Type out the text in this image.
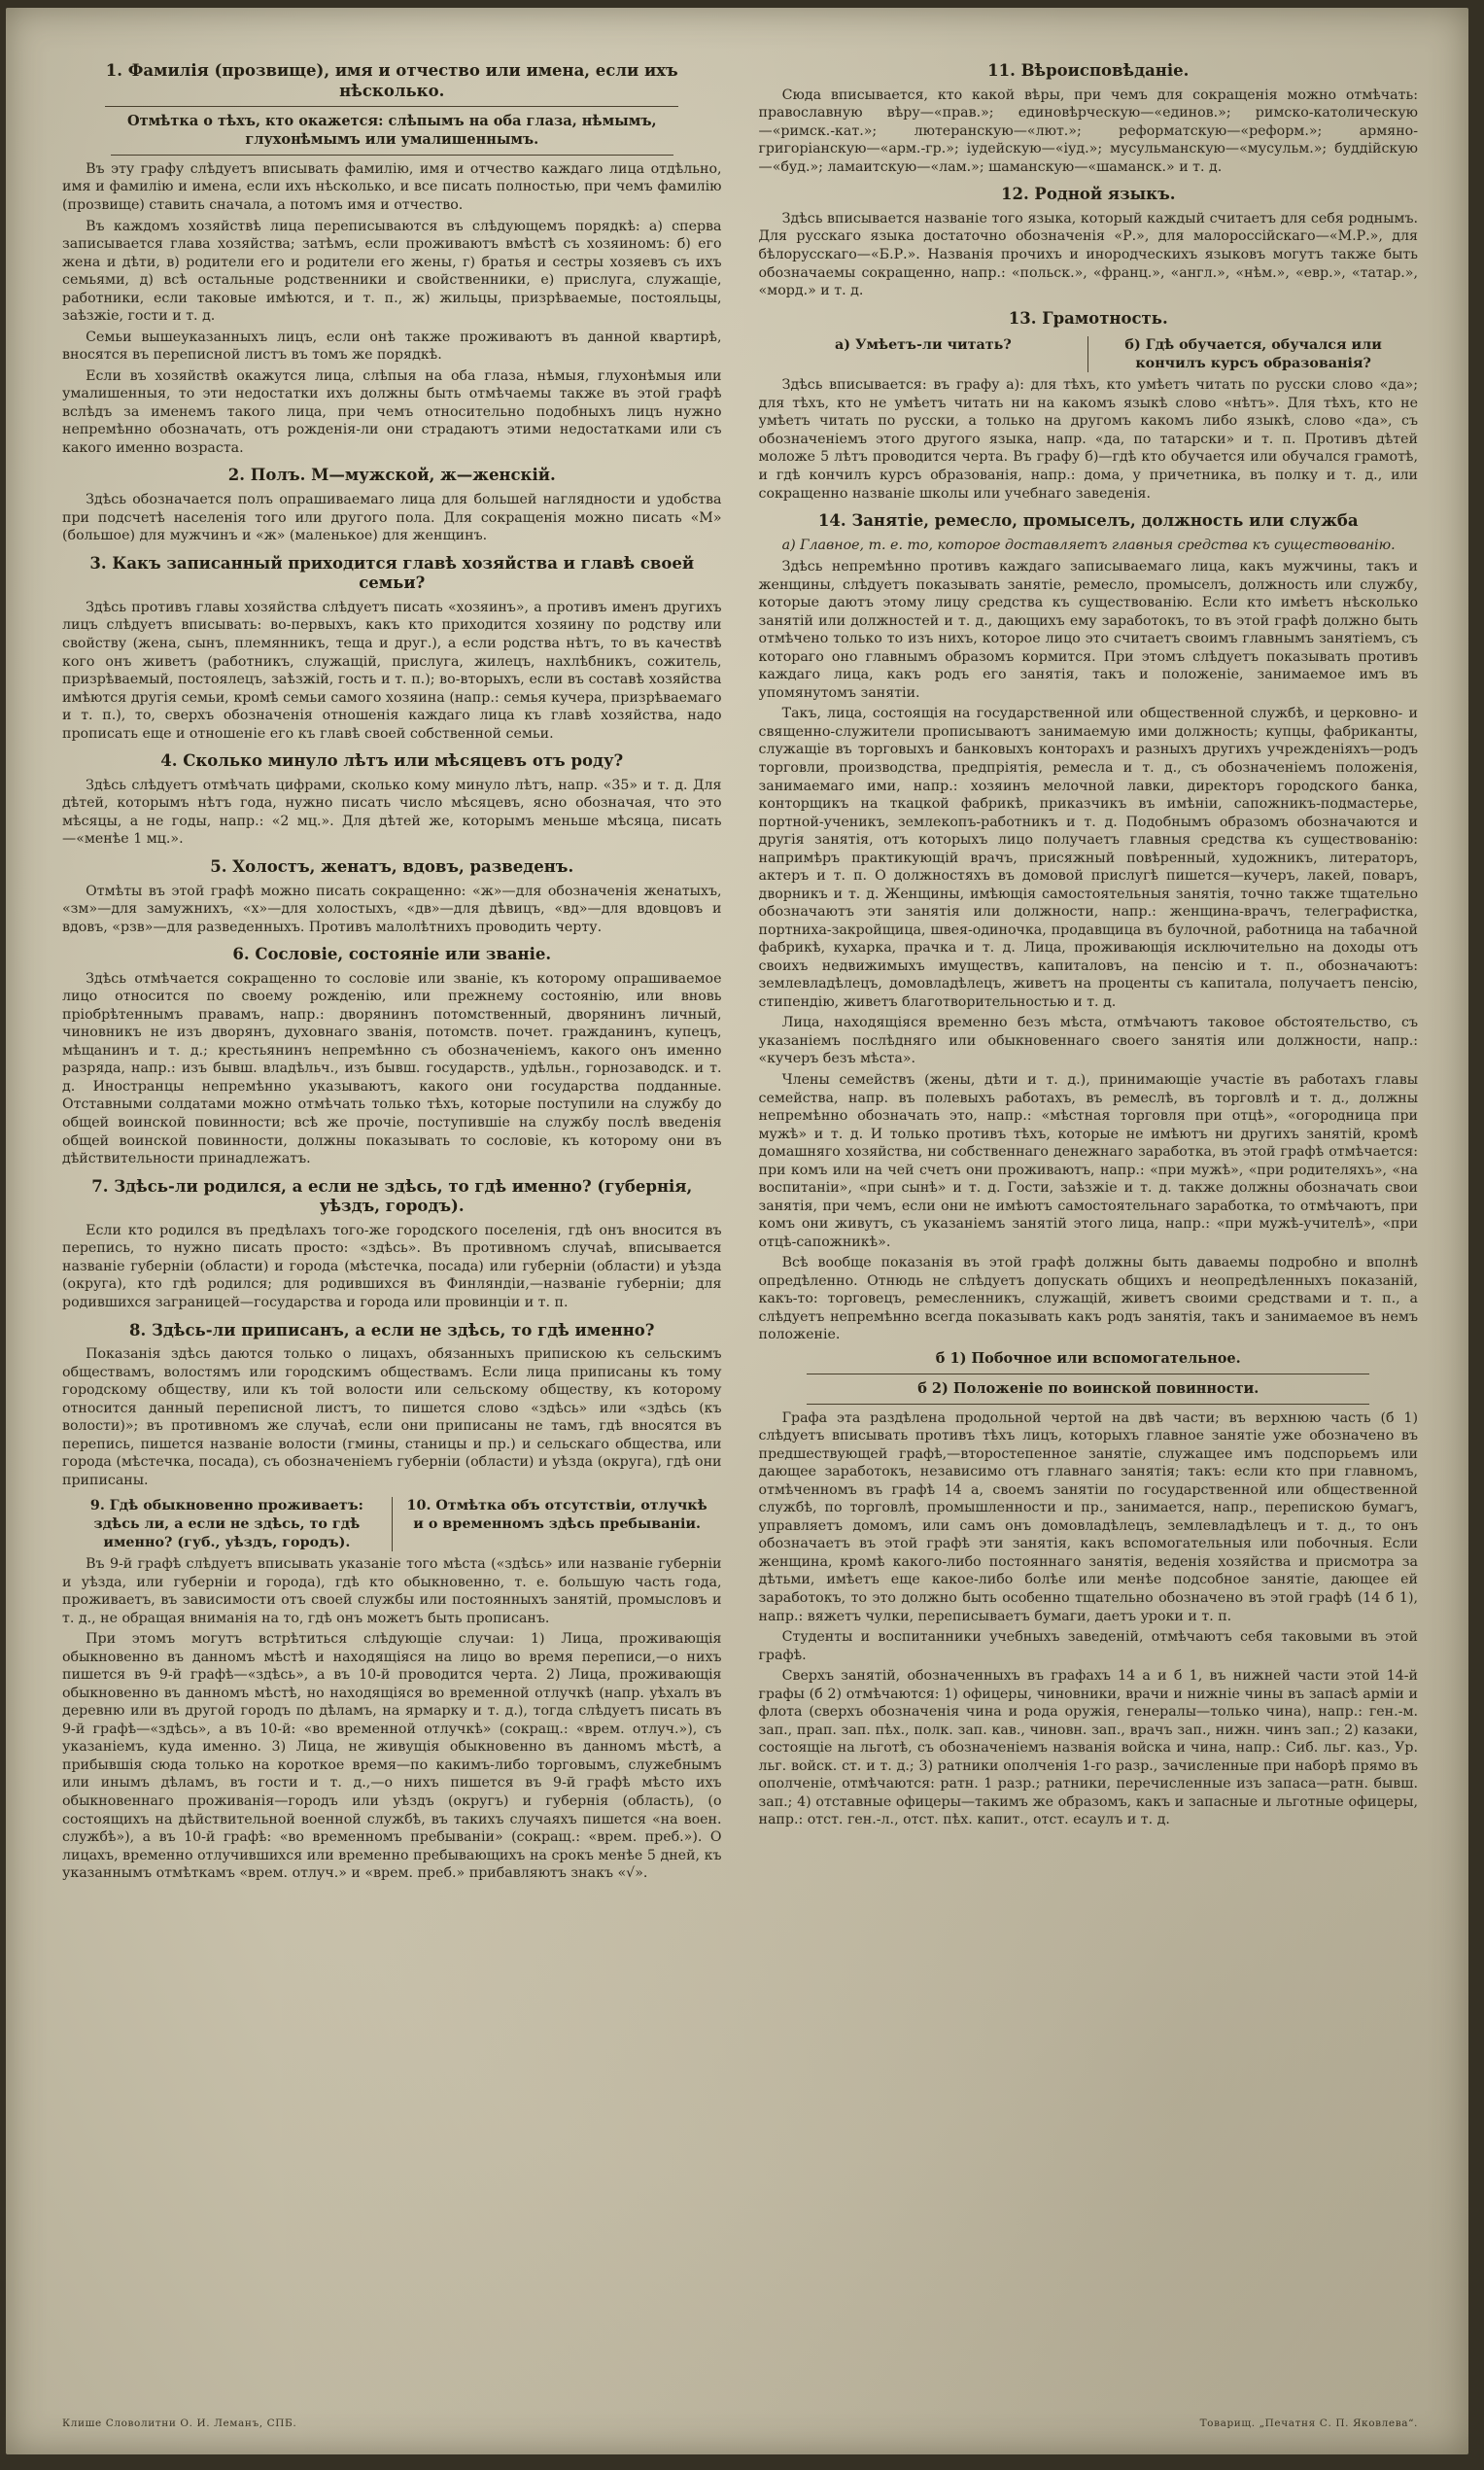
1. Фамилія (прозвище), имя и отчество или имена, если ихъ нѣсколько.
Отмѣтка о тѣхъ, кто окажется: слѣпымъ на оба глаза, нѣмымъ, глухонѣмымъ или умалишеннымъ.

Въ эту графу слѣдуетъ вписывать фамилію, имя и отчество каждаго лица отдѣльно, имя и фамилію и имена, если ихъ нѣсколько, и все писать полностью, при чемъ фамилію (прозвище) ставить сначала, а потомъ имя и отчество.

Въ каждомъ хозяйствѣ лица переписываются въ слѣдующемъ порядкѣ: а) сперва записывается глава хозяйства; затѣмъ, если проживаютъ вмѣстѣ съ хозяиномъ: б) его жена и дѣти, в) родители его и родители его жены, г) братья и сестры хозяевъ съ ихъ семьями, д) всѣ остальные родственники и свойственники, е) прислуга, служащіе, работники, если таковые имѣются, и т. п., ж) жильцы, призрѣваемые, постояльцы, заѣзжіе, гости и т. д.

Семьи вышеуказанныхъ лицъ, если онѣ также проживаютъ въ данной квартирѣ, вносятся въ переписной листъ въ томъ же порядкѣ.

Если въ хозяйствѣ окажутся лица, слѣпыя на оба глаза, нѣмыя, глухонѣмыя или умалишенныя, то эти недостатки ихъ должны быть отмѣчаемы также въ этой графѣ вслѣдъ за именемъ такого лица, при чемъ относительно подобныхъ лицъ нужно непремѣнно обозначать, отъ рожденія-ли они страдаютъ этими недостатками или съ какого именно возраста.

2. Полъ. М—мужской, ж—женскій.

Здѣсь обозначается полъ опрашиваемаго лица для большей наглядности и удобства при подсчетѣ населенія того или другого пола. Для сокращенія можно писать «М» (большое) для мужчинъ и «ж» (маленькое) для женщинъ.

3. Какъ записанный приходится главѣ хозяйства и главѣ своей семьи?

Здѣсь противъ главы хозяйства слѣдуетъ писать «хозяинъ», а противъ именъ другихъ лицъ слѣдуетъ вписывать: во-первыхъ, какъ кто приходится хозяину по родству или свойству (жена, сынъ, племянникъ, теща и друг.), а если родства нѣтъ, то въ качествѣ кого онъ живетъ (работникъ, служащій, прислуга, жилецъ, нахлѣбникъ, сожитель, призрѣваемый, постоялецъ, заѣзжій, гость и т. п.); во-вторыхъ, если въ составѣ хозяйства имѣются другія семьи, кромѣ семьи самого хозяина (напр.: семья кучера, призрѣваемаго и т. п.), то, сверхъ обозначенія отношенія каждаго лица къ главѣ хозяйства, надо прописать еще и отношеніе его къ главѣ своей собственной семьи.

4. Сколько минуло лѣтъ или мѣсяцевъ отъ роду?

Здѣсь слѣдуетъ отмѣчать цифрами, сколько кому минуло лѣтъ, напр. «35» и т. д. Для дѣтей, которымъ нѣтъ года, нужно писать число мѣсяцевъ, ясно обозначая, что это мѣсяцы, а не годы, напр.: «2 мц.». Для дѣтей же, которымъ меньше мѣсяца, писать—«менѣе 1 мц.».

5. Холостъ, женатъ, вдовъ, разведенъ.

Отмѣты въ этой графѣ можно писать сокращенно: «ж»—для обозначенія женатыхъ, «зм»—для замужнихъ, «х»—для холостыхъ, «дв»—для дѣвицъ, «вд»—для вдовцовъ и вдовъ, «рзв»—для разведенныхъ. Противъ малолѣтнихъ проводить черту.

6. Сословіе, состояніе или званіе.

Здѣсь отмѣчается сокращенно то сословіе или званіе, къ которому опрашиваемое лицо относится по своему рожденію, или прежнему состоянію, или вновь пріобрѣтеннымъ правамъ, напр.: дворянинъ потомственный, дворянинъ личный, чиновникъ не изъ дворянъ, духовнаго званія, потомств. почет. гражданинъ, купецъ, мѣщанинъ и т. д.; крестьянинъ непремѣнно съ обозначеніемъ, какого онъ именно разряда, напр.: изъ бывш. владѣльч., изъ бывш. государств., удѣльн., горнозаводск. и т. д. Иностранцы непремѣнно указываютъ, какого они государства подданные. Отставными солдатами можно отмѣчать только тѣхъ, которые поступили на службу до общей воинской повинности; всѣ же прочіе, поступившіе на службу послѣ введенія общей воинской повинности, должны показывать то сословіе, къ которому они въ дѣйствительности принадлежатъ.

7. Здѣсь-ли родился, а если не здѣсь, то гдѣ именно? (губернія, уѣздъ, городъ).

Если кто родился въ предѣлахъ того-же городского поселенія, гдѣ онъ вносится въ перепись, то нужно писать просто: «здѣсь». Въ противномъ случаѣ, вписывается названіе губерніи (области) и города (мѣстечка, посада) или губерніи (области) и уѣзда (округа), кто гдѣ родился; для родившихся въ Финляндіи,—названіе губерніи; для родившихся заграницей—государства и города или провинціи и т. п.

8. Здѣсь-ли приписанъ, а если не здѣсь, то гдѣ именно?

Показанія здѣсь даются только о лицахъ, обязанныхъ припискою къ сельскимъ обществамъ, волостямъ или городскимъ обществамъ. Если лица приписаны къ тому городскому обществу, или къ той волости или сельскому обществу, къ которому относится данный переписной листъ, то пишется слово «здѣсь» или «здѣсь (къ волости)»; въ противномъ же случаѣ, если они приписаны не тамъ, гдѣ вносятся въ перепись, пишется названіе волости (гмины, станицы и пр.) и сельскаго общества, или города (мѣстечка, посада), съ обозначеніемъ губерніи (области) и уѣзда (округа), гдѣ они приписаны.

9. Гдѣ обыкновенно проживаетъ: здѣсь ли, а если не здѣсь, то гдѣ именно? (губ., уѣздъ, городъ).
10. Отмѣтка объ отсутствіи, отлучкѣ и о временномъ здѣсь пребываніи.

Въ 9-й графѣ слѣдуетъ вписывать указаніе того мѣста («здѣсь» или названіе губерніи и уѣзда, или губерніи и города), гдѣ кто обыкновенно, т. е. большую часть года, проживаетъ, въ зависимости отъ своей службы или постоянныхъ занятій, промысловъ и т. д., не обращая вниманія на то, гдѣ онъ можетъ быть прописанъ.

При этомъ могутъ встрѣтиться слѣдующіе случаи: 1) Лица, проживающія обыкновенно въ данномъ мѣстѣ и находящіяся на лицо во время переписи,—о нихъ пишется въ 9-й графѣ—«здѣсь», а въ 10-й проводится черта. 2) Лица, проживающія обыкновенно въ данномъ мѣстѣ, но находящіяся во временной отлучкѣ (напр. уѣхалъ въ деревню или въ другой городъ по дѣламъ, на ярмарку и т. д.), тогда слѣдуетъ писать въ 9-й графѣ—«здѣсь», а въ 10-й: «во временной отлучкѣ» (сокращ.: «врем. отлуч.»), съ указаніемъ, куда именно. 3) Лица, не живущія обыкновенно въ данномъ мѣстѣ, а прибывшія сюда только на короткое время—по какимъ-либо торговымъ, служебнымъ или инымъ дѣламъ, въ гости и т. д.,—о нихъ пишется въ 9-й графѣ мѣсто ихъ обыкновеннаго проживанія—городъ или уѣздъ (округъ) и губернія (область), (о состоящихъ на дѣйствительной военной службѣ, въ такихъ случаяхъ пишется «на воен. службѣ»), а въ 10-й графѣ: «во временномъ пребываніи» (сокращ.: «врем. преб.»). О лицахъ, временно отлучившихся или временно пребывающихъ на срокъ менѣе 5 дней, къ указаннымъ отмѣткамъ «врем. отлуч.» и «врем. преб.» прибавляютъ знакъ «√».

11. Вѣроисповѣданіе.

Сюда вписывается, кто какой вѣры, при чемъ для сокращенія можно отмѣчать: православную вѣру—«прав.»; единовѣрческую—«единов.»; римско-католическую—«римск.-кат.»; лютеранскую—«лют.»; реформатскую—«реформ.»; армяно-григоріанскую—«арм.-гр.»; іудейскую—«іуд.»; мусульманскую—«мусульм.»; буддійскую—«буд.»; ламаитскую—«лам.»; шаманскую—«шаманск.» и т. д.

12. Родной языкъ.

Здѣсь вписывается названіе того языка, который каждый считаетъ для себя роднымъ. Для русскаго языка достаточно обозначенія «Р.», для малороссійскаго—«М.Р.», для бѣлорусскаго—«Б.Р.». Названія прочихъ и инородческихъ языковъ могутъ также быть обозначаемы сокращенно, напр.: «польск.», «франц.», «англ.», «нѣм.», «евр.», «татар.», «морд.» и т. д.

13. Грамотность.
а) Умѣетъ-ли читать?	б) Гдѣ обучается, обучался или кончилъ курсъ образованія?

Здѣсь вписывается: въ графу а): для тѣхъ, кто умѣетъ читать по русски слово «да»; для тѣхъ, кто не умѣетъ читать ни на какомъ языкѣ слово «нѣтъ». Для тѣхъ, кто не умѣетъ читать по русски, а только на другомъ какомъ либо языкѣ, слово «да», съ обозначеніемъ этого другого языка, напр. «да, по татарски» и т. п. Противъ дѣтей моложе 5 лѣтъ проводится черта. Въ графу б)—гдѣ кто обучается или обучался грамотѣ, и гдѣ кончилъ курсъ образованія, напр.: дома, у причетника, въ полку и т. д., или сокращенно названіе школы или учебнаго заведенія.

14. Занятіе, ремесло, промыселъ, должность или служба
а) Главное, т. е. то, которое доставляетъ главныя средства къ существованію.

Здѣсь непремѣнно противъ каждаго записываемаго лица, какъ мужчины, такъ и женщины, слѣдуетъ показывать занятіе, ремесло, промыселъ, должность или службу, которые даютъ этому лицу средства къ существованію. Если кто имѣетъ нѣсколько занятій или должностей и т. д., дающихъ ему заработокъ, то въ этой графѣ должно быть отмѣчено только то изъ нихъ, которое лицо это считаетъ своимъ главнымъ занятіемъ, съ котораго оно главнымъ образомъ кормится. При этомъ слѣдуетъ показывать противъ каждаго лица, какъ родъ его занятія, такъ и положеніе, занимаемое имъ въ упомянутомъ занятіи.

Такъ, лица, состоящія на государственной или общественной службѣ, и церковно- и священно-служители прописываютъ занимаемую ими должность; купцы, фабриканты, служащіе въ торговыхъ и банковыхъ конторахъ и разныхъ другихъ учрежденіяхъ—родъ торговли, производства, предпріятія, ремесла и т. д., съ обозначеніемъ положенія, занимаемаго ими, напр.: хозяинъ мелочной лавки, директоръ городского банка, конторщикъ на ткацкой фабрикѣ, приказчикъ въ имѣніи, сапожникъ-подмастерье, портной-ученикъ, землекопъ-работникъ и т. д. Подобнымъ образомъ обозначаются и другія занятія, отъ которыхъ лицо получаетъ главныя средства къ существованію: напримѣръ практикующій врачъ, присяжный повѣренный, художникъ, литераторъ, актеръ и т. п. О должностяхъ въ домовой прислугѣ пишется—кучеръ, лакей, поваръ, дворникъ и т. д. Женщины, имѣющія самостоятельныя занятія, точно также тщательно обозначаютъ эти занятія или должности, напр.: женщина-врачъ, телеграфистка, портниха-закройщица, швея-одиночка, продавщица въ булочной, работница на табачной фабрикѣ, кухарка, прачка и т. д. Лица, проживающія исключительно на доходы отъ своихъ недвижимыхъ имуществъ, капиталовъ, на пенсію и т. п., обозначаютъ: землевладѣлецъ, домовладѣлецъ, живетъ на проценты съ капитала, получаетъ пенсію, стипендію, живетъ благотворительностью и т. д.

Лица, находящіяся временно безъ мѣста, отмѣчаютъ таковое обстоятельство, съ указаніемъ послѣдняго или обыкновеннаго своего занятія или должности, напр.: «кучеръ безъ мѣста».

Члены семействъ (жены, дѣти и т. д.), принимающіе участіе въ работахъ главы семейства, напр. въ полевыхъ работахъ, въ ремеслѣ, въ торговлѣ и т. д., должны непремѣнно обозначать это, напр.: «мѣстная торговля при отцѣ», «огородница при мужѣ» и т. д. И только противъ тѣхъ, которые не имѣютъ ни другихъ занятій, кромѣ домашняго хозяйства, ни собственнаго денежнаго заработка, въ этой графѣ отмѣчается: при комъ или на чей счетъ они проживаютъ, напр.: «при мужѣ», «при родителяхъ», «на воспитаніи», «при сынѣ» и т. д. Гости, заѣзжіе и т. д. также должны обозначать свои занятія, при чемъ, если они не имѣютъ самостоятельнаго заработка, то отмѣчаютъ, при комъ они живутъ, съ указаніемъ занятій этого лица, напр.: «при мужѣ-учителѣ», «при отцѣ-сапожникѣ».

Всѣ вообще показанія въ этой графѣ должны быть даваемы подробно и вполнѣ опредѣленно. Отнюдь не слѣдуетъ допускать общихъ и неопредѣленныхъ показаній, какъ-то: торговецъ, ремесленникъ, служащій, живетъ своими средствами и т. п., а слѣдуетъ непремѣнно всегда показывать какъ родъ занятія, такъ и занимаемое въ немъ положеніе.

б 1) Побочное или вспомогательное.
б 2) Положеніе по воинской повинности.

Графа эта раздѣлена продольной чертой на двѣ части; въ верхнюю часть (б 1) слѣдуетъ вписывать противъ тѣхъ лицъ, которыхъ главное занятіе уже обозначено въ предшествующей графѣ,—второстепенное занятіе, служащее имъ подспорьемъ или дающее заработокъ, независимо отъ главнаго занятія; такъ: если кто при главномъ, отмѣченномъ въ графѣ 14 а, своемъ занятіи по государственной или общественной службѣ, по торговлѣ, промышленности и пр., занимается, напр., перепискою бумагъ, управляетъ домомъ, или самъ онъ домовладѣлецъ, землевладѣлецъ и т. д., то онъ обозначаетъ въ этой графѣ эти занятія, какъ вспомогательныя или побочныя. Если женщина, кромѣ какого-либо постояннаго занятія, веденія хозяйства и присмотра за дѣтьми, имѣетъ еще какое-либо болѣе или менѣе подсобное занятіе, дающее ей заработокъ, то это должно быть особенно тщательно обозначено въ этой графѣ (14 б 1), напр.: вяжетъ чулки, переписываетъ бумаги, даетъ уроки и т. п.

Студенты и воспитанники учебныхъ заведеній, отмѣчаютъ себя таковыми въ этой графѣ.

Сверхъ занятій, обозначенныхъ въ графахъ 14 а и б 1, въ нижней части этой 14-й графы (б 2) отмѣчаются: 1) офицеры, чиновники, врачи и нижніе чины въ запасѣ арміи и флота (сверхъ обозначенія чина и рода оружія, генералы—только чина), напр.: ген.-м. зап., прап. зап. пѣх., полк. зап. кав., чиновн. зап., врачъ зап., нижн. чинъ зап.; 2) казаки, состоящіе на льготѣ, съ обозначеніемъ названія войска и чина, напр.: Сиб. льг. каз., Ур. льг. войск. ст. и т. д.; 3) ратники ополченія 1-го разр., зачисленные при наборѣ прямо въ ополченіе, отмѣчаются: ратн. 1 разр.; ратники, перечисленные изъ запаса—ратн. бывш. зап.; 4) отставные офицеры—такимъ же образомъ, какъ и запасные и льготные офицеры, напр.: отст. ген.-л., отст. пѣх. капит., отст. есаулъ и т. д.

Клише Словолитни О. И. Леманъ, СПБ.	Товарищ. „Печатня С. П. Яковлева“.
